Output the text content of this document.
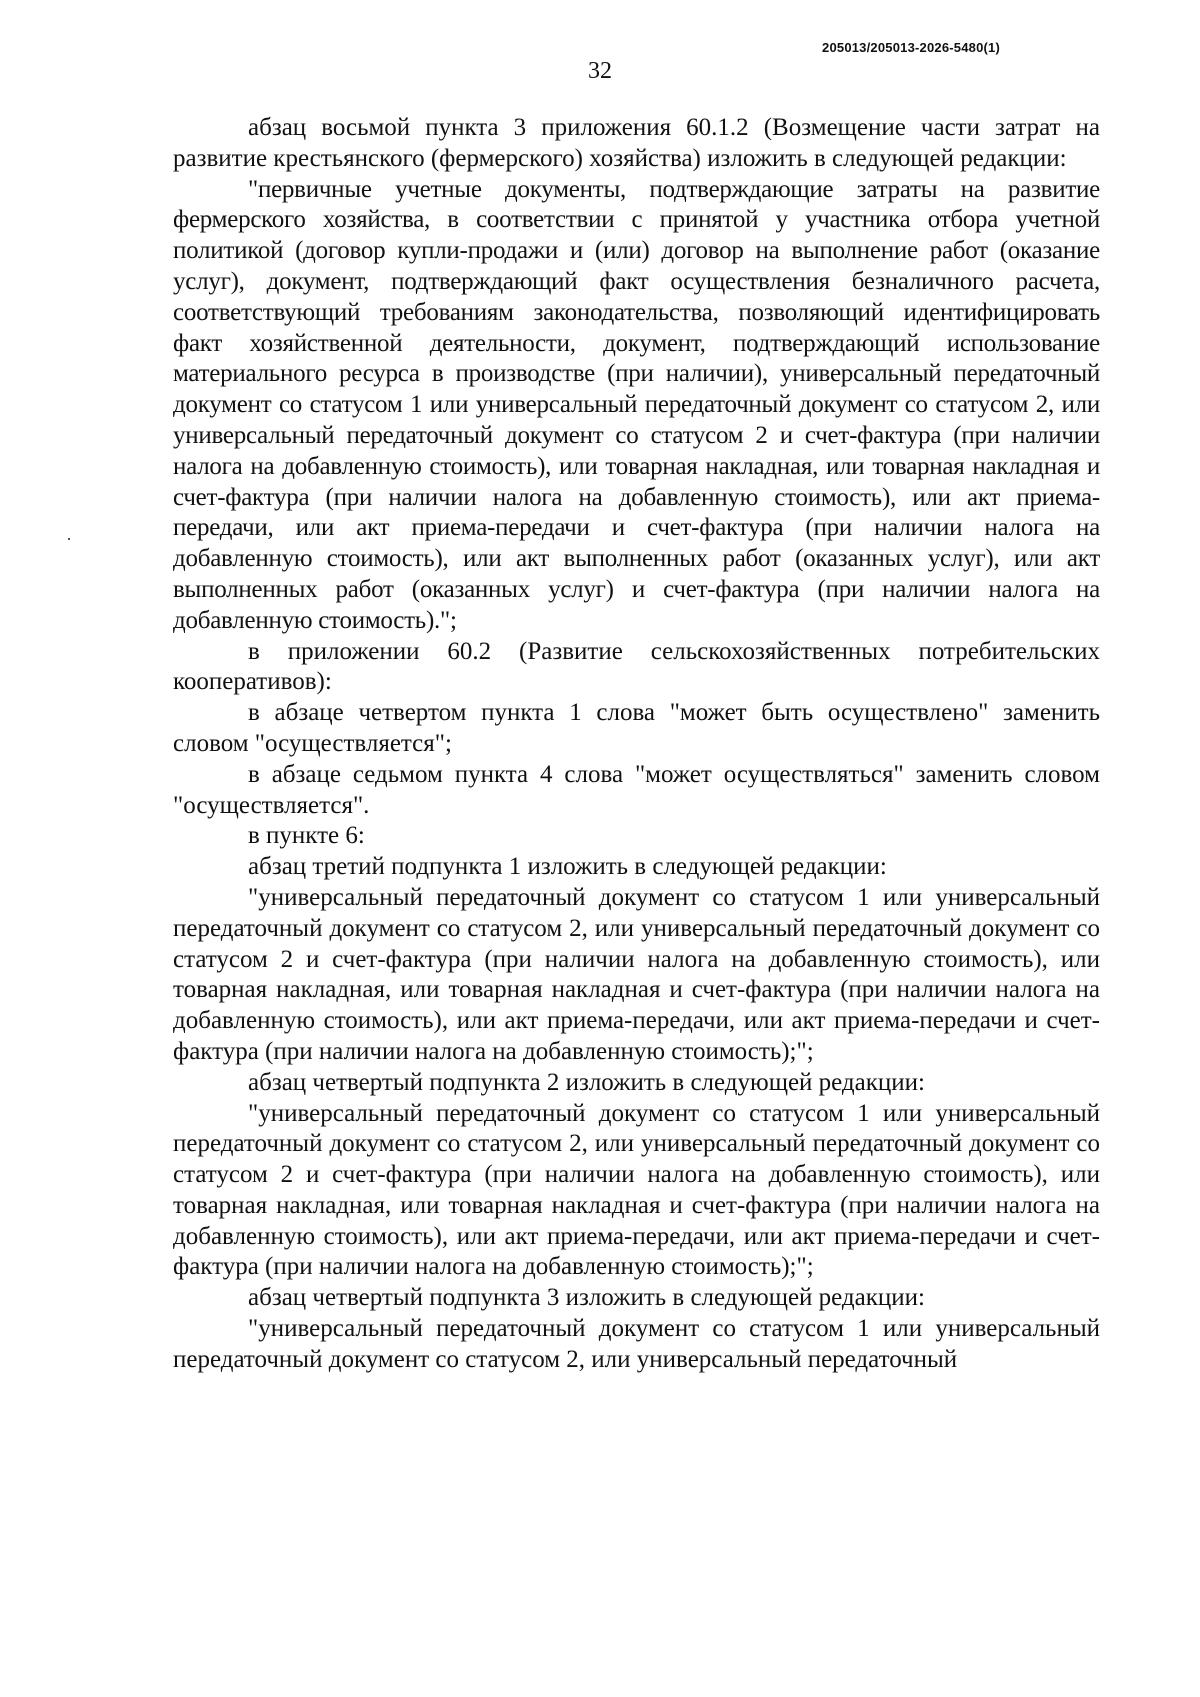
205013/205013-2026-5480(1)
32

абзац восьмой пункта 3 приложения 60.1.2 (Возмещение части затрат на развитие крестьянского (фермерского) хозяйства) изложить в следующей редакции:

"первичные учетные документы, подтверждающие затраты на развитие фермерского хозяйства, в соответствии с принятой у участника отбора учетной политикой (договор купли-продажи и (или) договор на выполнение работ (оказание услуг), документ, подтверждающий факт осуществления безналичного расчета, соответствующий требованиям законодательства, позволяющий идентифицировать факт хозяйственной деятельности, документ, подтверждающий использование материального ресурса в производстве (при наличии), универсальный передаточный документ со статусом 1 или универсальный передаточный документ со статусом 2, или универсальный передаточный документ со статусом 2 и счет-фактура (при наличии налога на добавленную стоимость), или товарная накладная, или товарная накладная и счет-фактура (при наличии налога на добавленную стоимость), или акт приема-передачи, или акт приема-передачи и счет-фактура (при наличии налога на добавленную стоимость), или акт выполненных работ (оказанных услуг), или акт выполненных работ (оказанных услуг) и счет-фактура (при наличии налога на добавленную стоимость).";

в приложении 60.2 (Развитие сельскохозяйственных потребительских кооперативов):

в абзаце четвертом пункта 1 слова "может быть осуществлено" заменить словом "осуществляется";

в абзаце седьмом пункта 4 слова "может осуществляться" заменить словом "осуществляется".

в пункте 6:

абзац третий подпункта 1 изложить в следующей редакции:

"универсальный передаточный документ со статусом 1 или универсальный передаточный документ со статусом 2, или универсальный передаточный документ со статусом 2 и счет-фактура (при наличии налога на добавленную стоимость), или товарная накладная, или товарная накладная и счет-фактура (при наличии налога на добавленную стоимость), или акт приема-передачи, или акт приема-передачи и счет-фактура (при наличии налога на добавленную стоимость);";

абзац четвертый подпункта 2 изложить в следующей редакции:

"универсальный передаточный документ со статусом 1 или универсальный передаточный документ со статусом 2, или универсальный передаточный документ со статусом 2 и счет-фактура (при наличии налога на добавленную стоимость), или товарная накладная, или товарная накладная и счет-фактура (при наличии налога на добавленную стоимость), или акт приема-передачи, или акт приема-передачи и счет-фактура (при наличии налога на добавленную стоимость);";

абзац четвертый подпункта 3 изложить в следующей редакции:

"универсальный передаточный документ со статусом 1 или универсальный передаточный документ со статусом 2, или универсальный передаточный
